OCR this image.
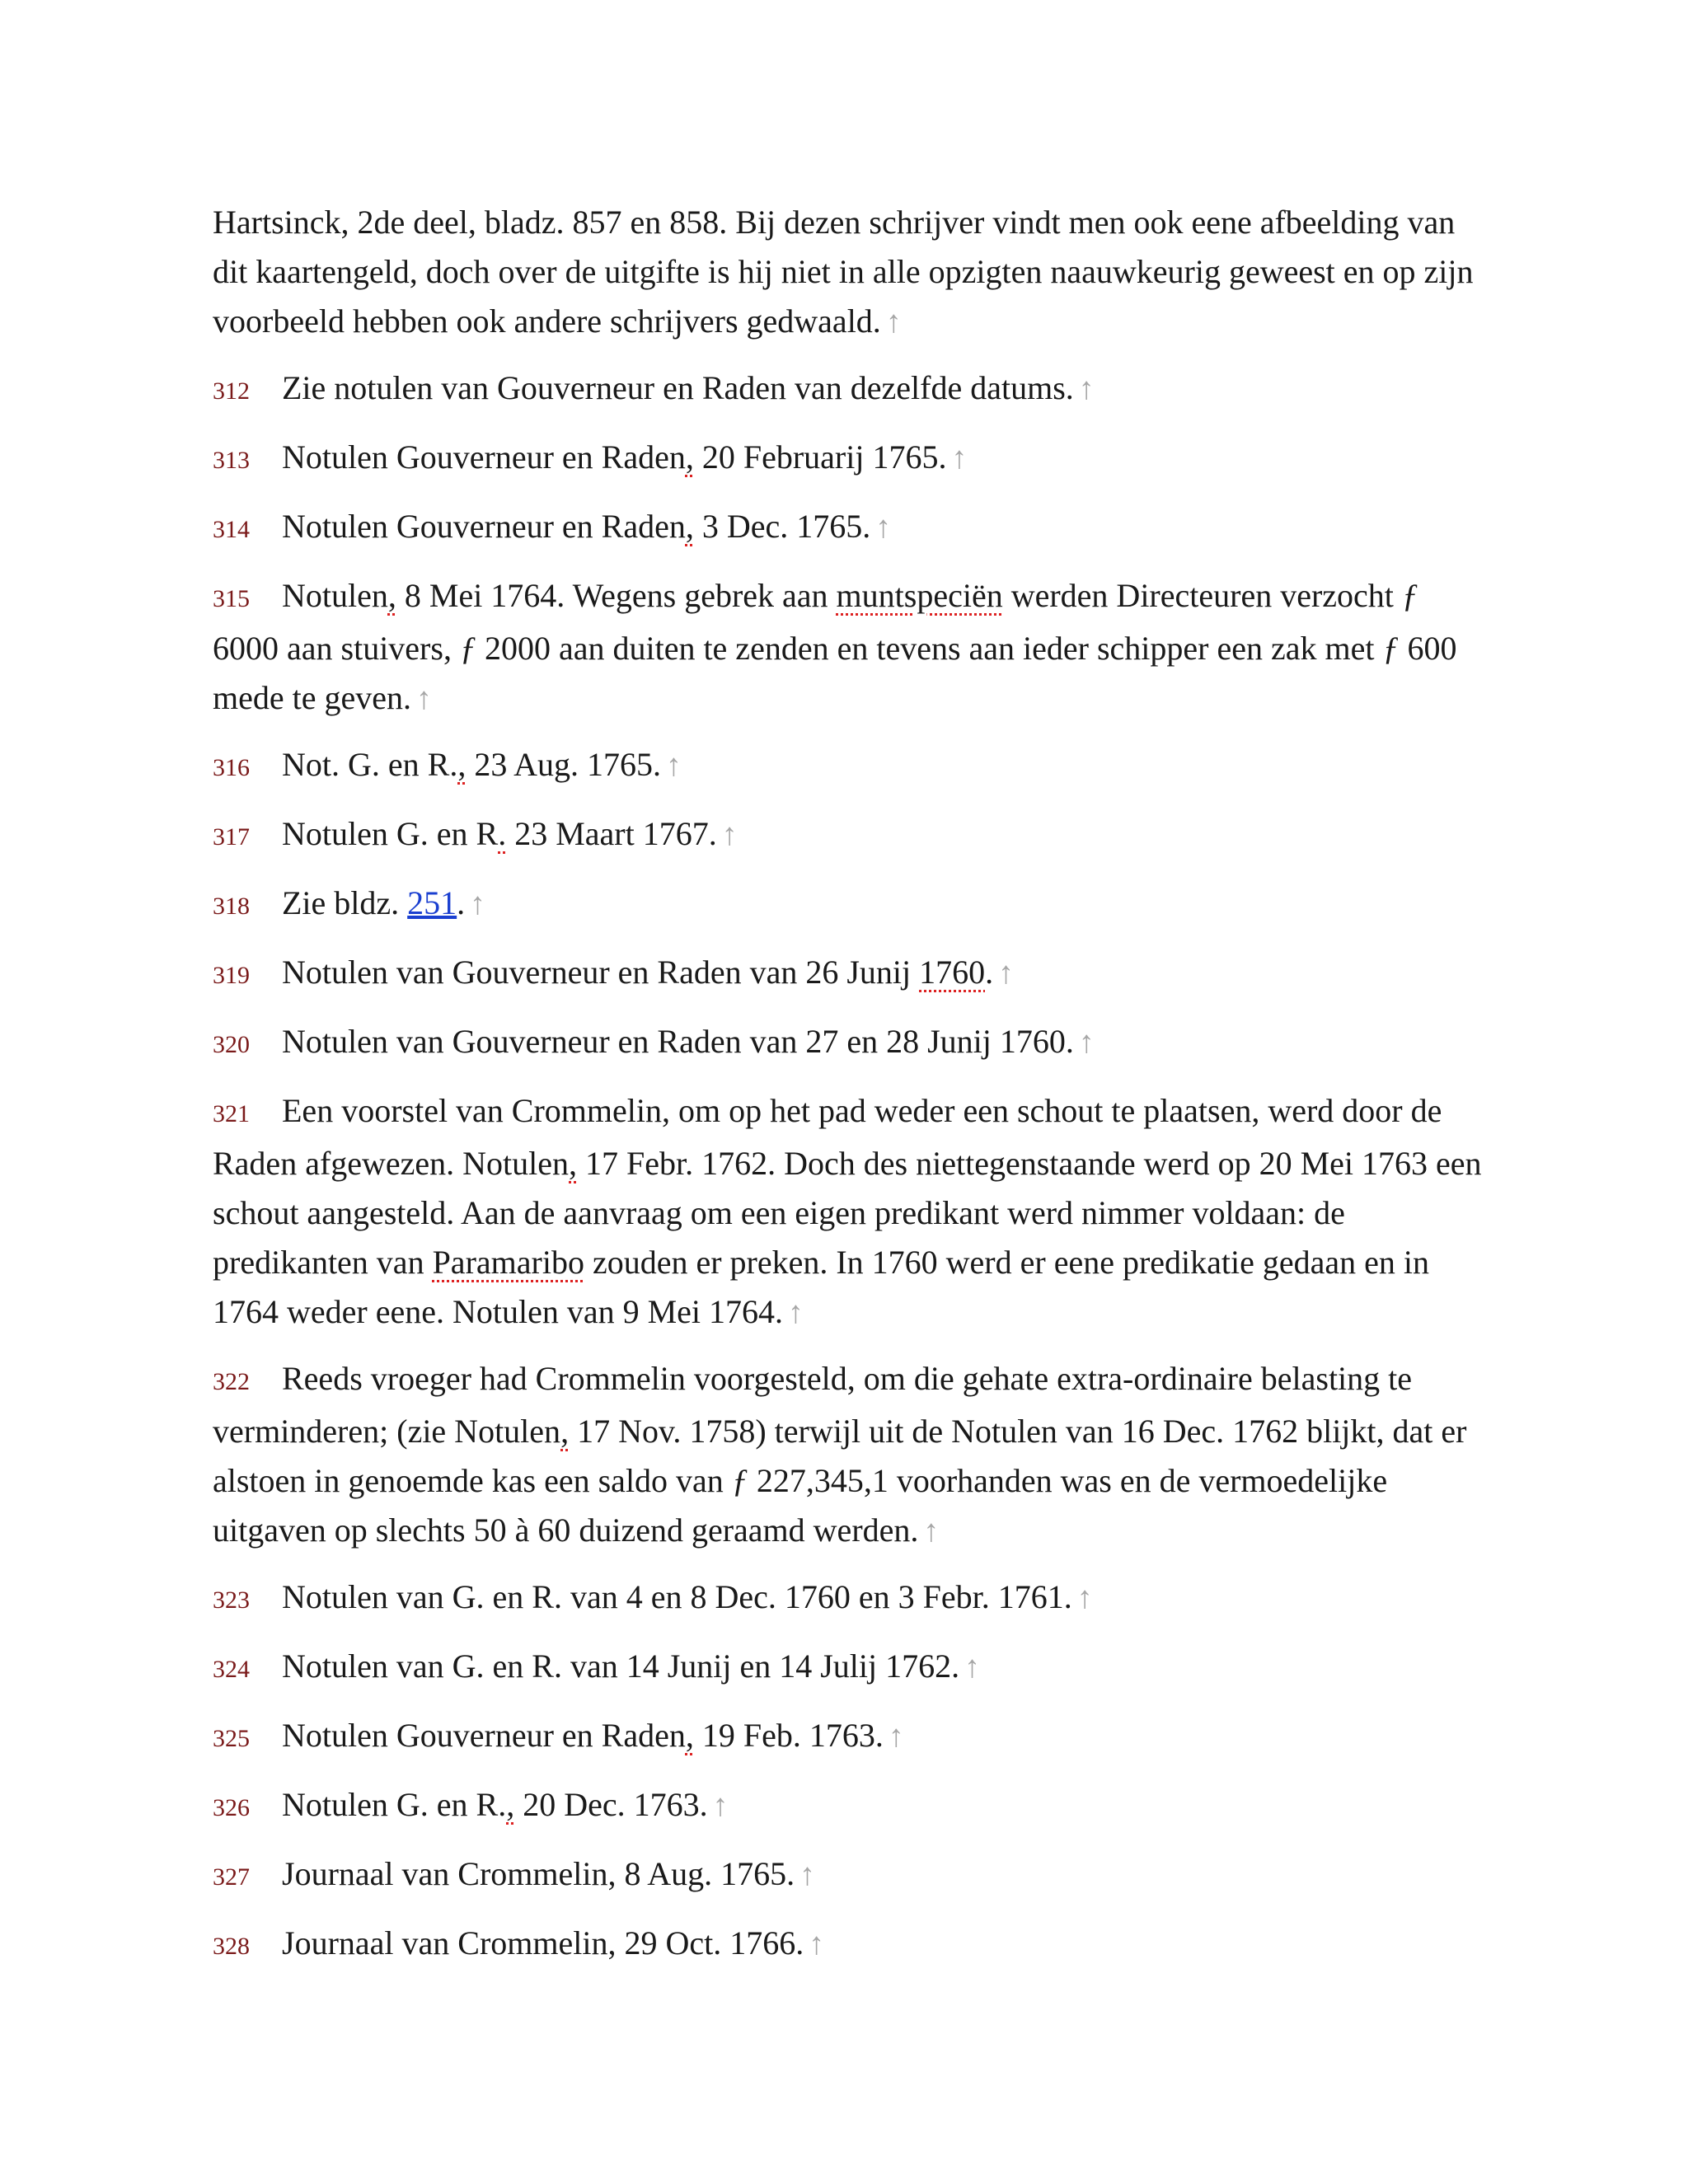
Hartsinck, 2de deel, bladz. 857 en 858. Bij dezen schrijver vindt men ook eene afbeelding van dit kaartengeld, doch over de uitgifte is hij niet in alle opzigten naauwkeurig geweest en op zijn voorbeeld hebben ook andere schrijvers gedwaald. ↑

312 Zie notulen van Gouverneur en Raden van dezelfde datums. ↑

313 Notulen Gouverneur en Raden, 20 Februarij 1765. ↑

314 Notulen Gouverneur en Raden, 3 Dec. 1765. ↑

315 Notulen, 8 Mei 1764. Wegens gebrek aan muntspeciën werden Directeuren verzocht ƒ 6000 aan stuivers, ƒ 2000 aan duiten te zenden en tevens aan ieder schipper een zak met ƒ 600 mede te geven. ↑

316 Not. G. en R., 23 Aug. 1765. ↑

317 Notulen G. en R. 23 Maart 1767. ↑

318 Zie bldz. 251. ↑

319 Notulen van Gouverneur en Raden van 26 Junij 1760. ↑

320 Notulen van Gouverneur en Raden van 27 en 28 Junij 1760. ↑

321 Een voorstel van Crommelin, om op het pad weder een schout te plaatsen, werd door de Raden afgewezen. Notulen, 17 Febr. 1762. Doch des niettegenstaande werd op 20 Mei 1763 een schout aangesteld. Aan de aanvraag om een eigen predikant werd nimmer voldaan: de predikanten van Paramaribo zouden er preken. In 1760 werd er eene predikatie gedaan en in 1764 weder eene. Notulen van 9 Mei 1764. ↑

322 Reeds vroeger had Crommelin voorgesteld, om die gehate extra-ordinaire belasting te verminderen; (zie Notulen, 17 Nov. 1758) terwijl uit de Notulen van 16 Dec. 1762 blijkt, dat er alstoen in genoemde kas een saldo van ƒ 227,345,1 voorhanden was en de vermoedelijke uitgaven op slechts 50 à 60 duizend geraamd werden. ↑

323 Notulen van G. en R. van 4 en 8 Dec. 1760 en 3 Febr. 1761. ↑

324 Notulen van G. en R. van 14 Junij en 14 Julij 1762. ↑

325 Notulen Gouverneur en Raden, 19 Feb. 1763. ↑

326 Notulen G. en R., 20 Dec. 1763. ↑

327 Journaal van Crommelin, 8 Aug. 1765. ↑

328 Journaal van Crommelin, 29 Oct. 1766. ↑
